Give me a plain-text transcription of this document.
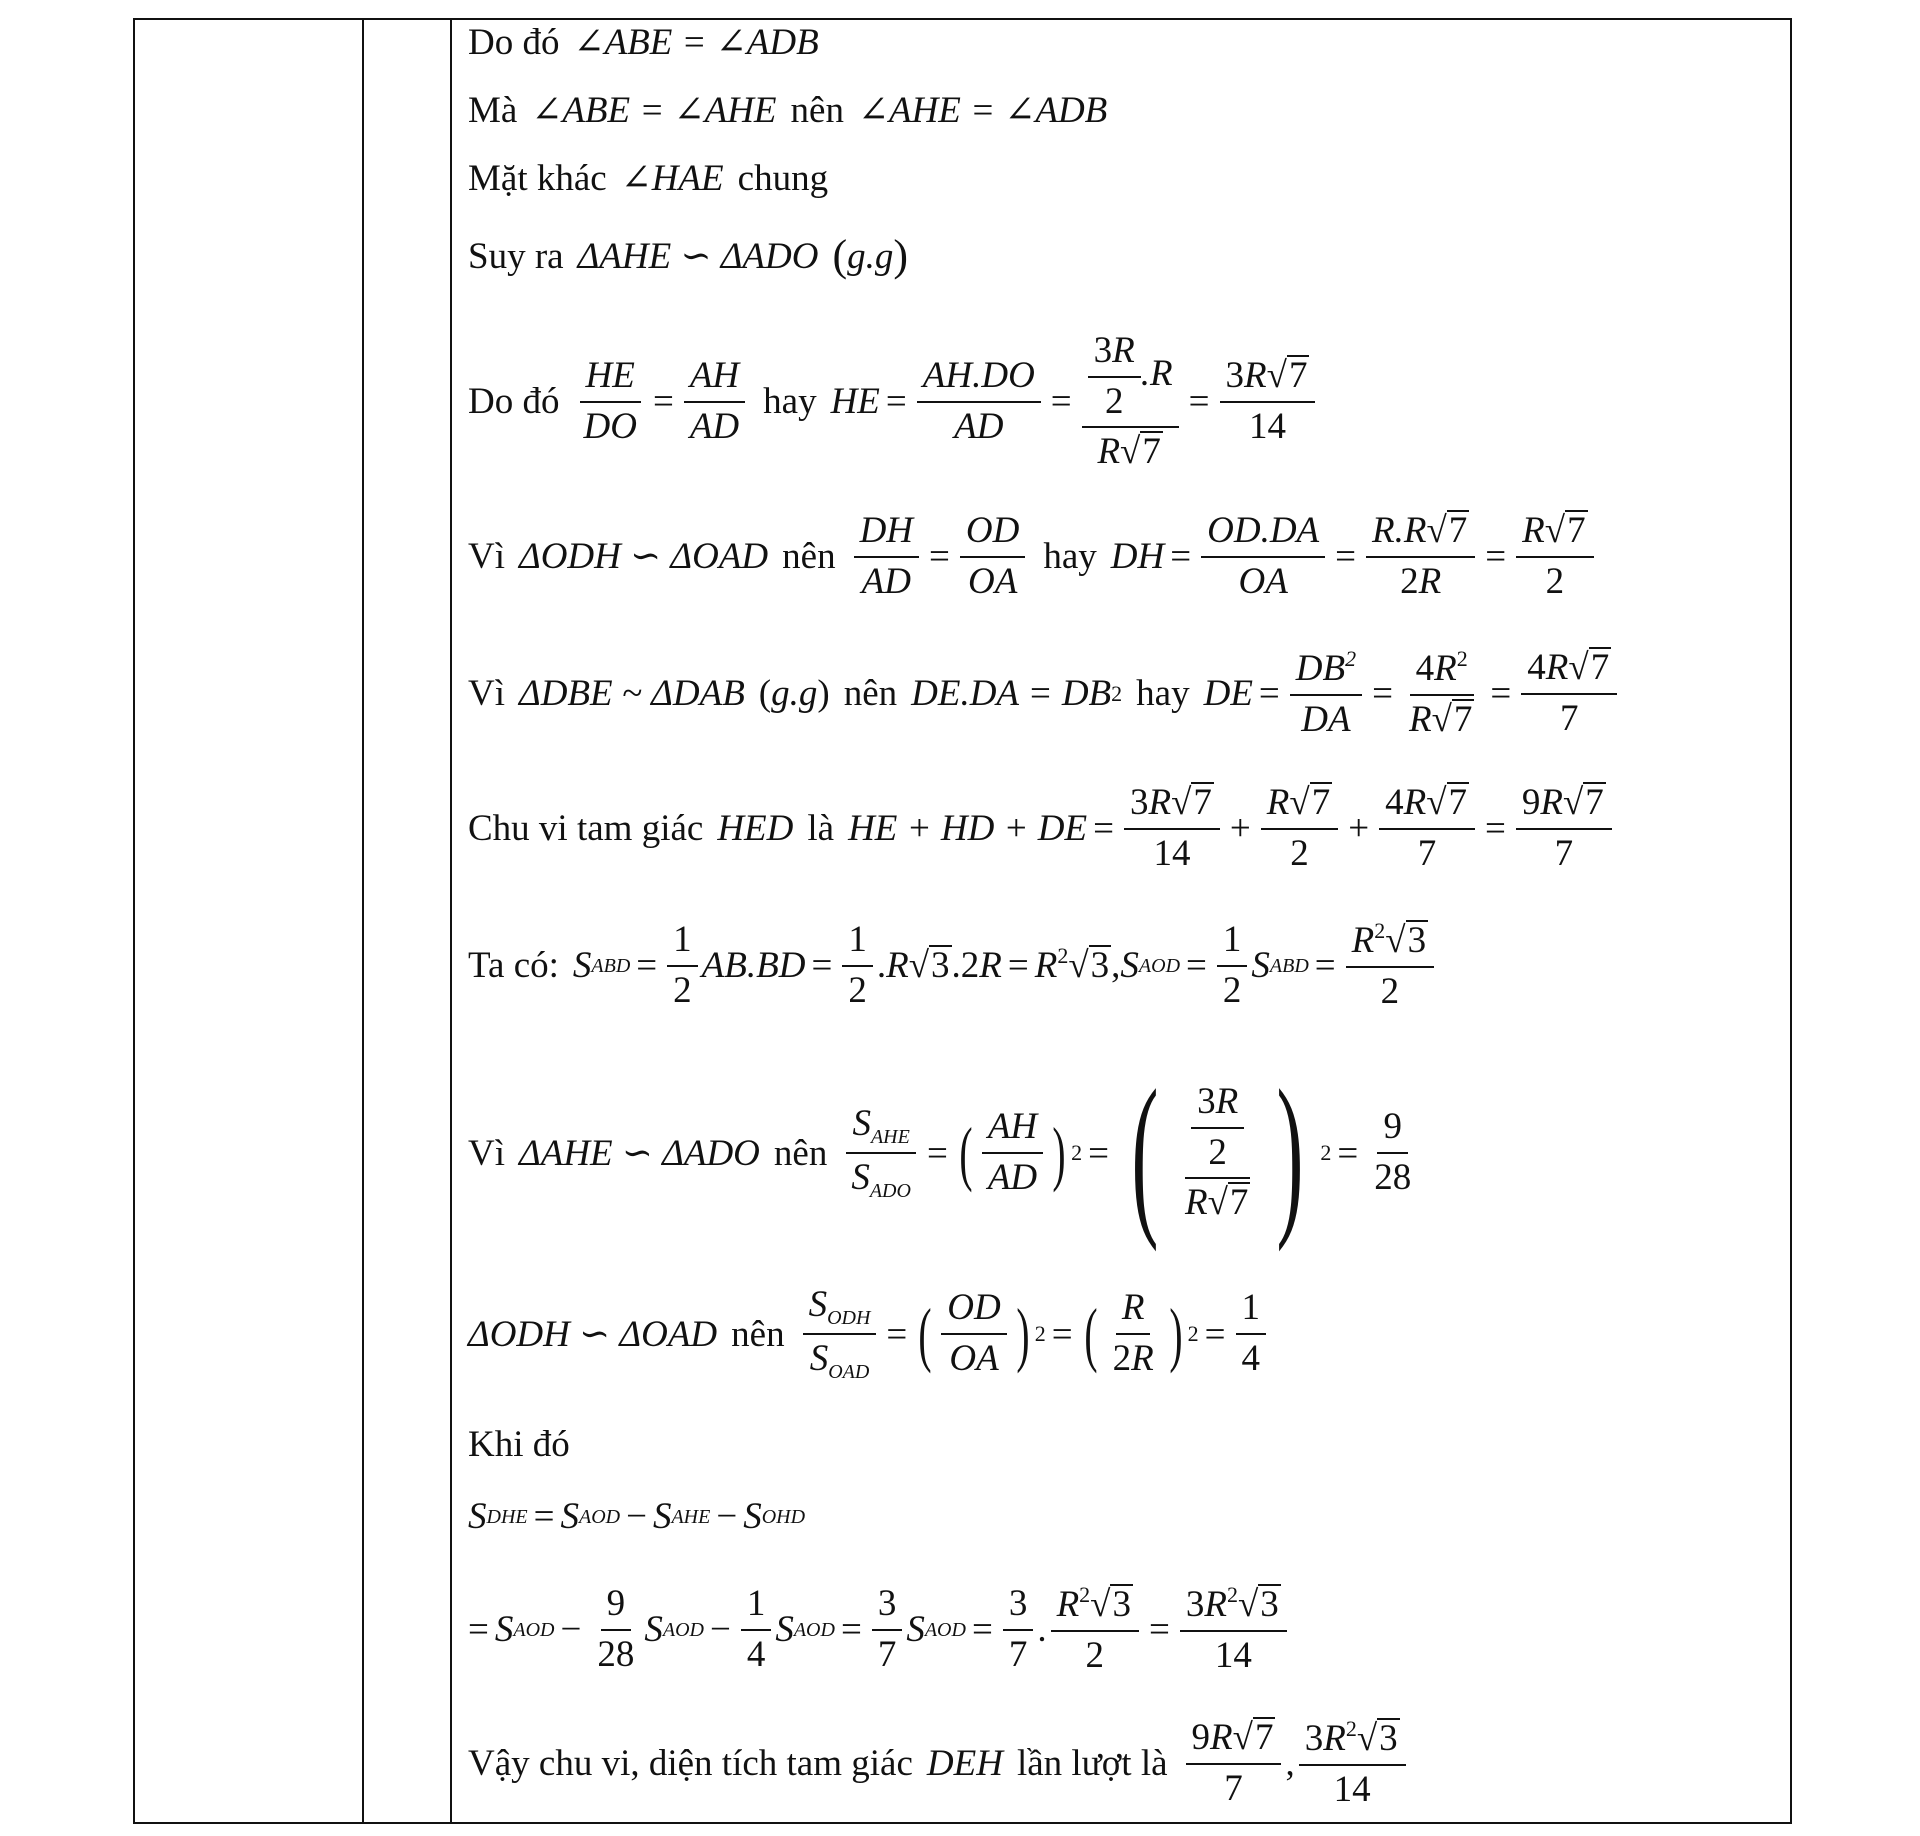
Do đó ∠ABE = ∠ADB
Mà ∠ABE = ∠AHE nên ∠AHE = ∠ADB
Mặt khác ∠HAE chung
Suy ra ΔAHE ∽ ΔADO ( g.g )
Do đó $\frac{HE}{DO} = \frac{AH}{AD}$ hay HE = $\frac{AH.DO}{AD} = \frac{\frac{3R}{2} .R}{R√7} = \frac{3R√7}{14}$
Vì ΔODH ∽ ΔOAD nên $\frac{DH}{AD} = \frac{OD}{OA}$ hay DH = $\frac{OD.DA}{OA} = \frac{R.R√7}{2R} = \frac{R√7}{2}$
Vì ΔDBE ~ ΔDAB ( g.g ) nên DE.DA = DB 2 hay DE = $\frac{DB^2}{DA} = \frac{4R^2}{R√7} = \frac{4R√7}{7}$
Chu vi tam giác HED là HE + HD + DE = $\frac{3R√7}{14} + \frac{R√7}{2} + \frac{4R√7}{7} = \frac{9R√7}{7}$
Ta có: S ABD = $\frac{1}{2} AB.BD = \frac{1}{2} .R√3.2R = R^2√3$, S AOD = $\frac{1}{2}$ S ABD = $\frac{R^2√3}{2}$
Vì ΔAHE ∽ ΔADO nên $\frac{S_{AHE}}{S_{ADO}}$ = ( $\frac{AH}{AD}$ ) 2 = ( $\frac{\frac{3R}{2}}{R√7}$ ) $2 = \frac{9}{28}$
ΔODH ∽ ΔOAD nên $\frac{S_{ODH}}{S_{OAD}}$ = ( $\frac{OD}{OA}$ ) 2 = ( $\frac{R}{2R}$ ) $2 = \frac{1}{4}$
Khi đó
S DHE = S AOD − S AHE − S OHD
= S AOD − $\frac{9}{28}$ S AOD − $\frac{1}{4}$ S AOD = $\frac{3}{7}$ S AOD = $\frac{3}{7}$ . $\frac{R^2√3}{2} = \frac{3R^2√3}{14}$
Vậy chu vi, diện tích tam giác DEH lần lượt là $\frac{9R√7}{7}$ , $\frac{3R^2√3}{14}$
